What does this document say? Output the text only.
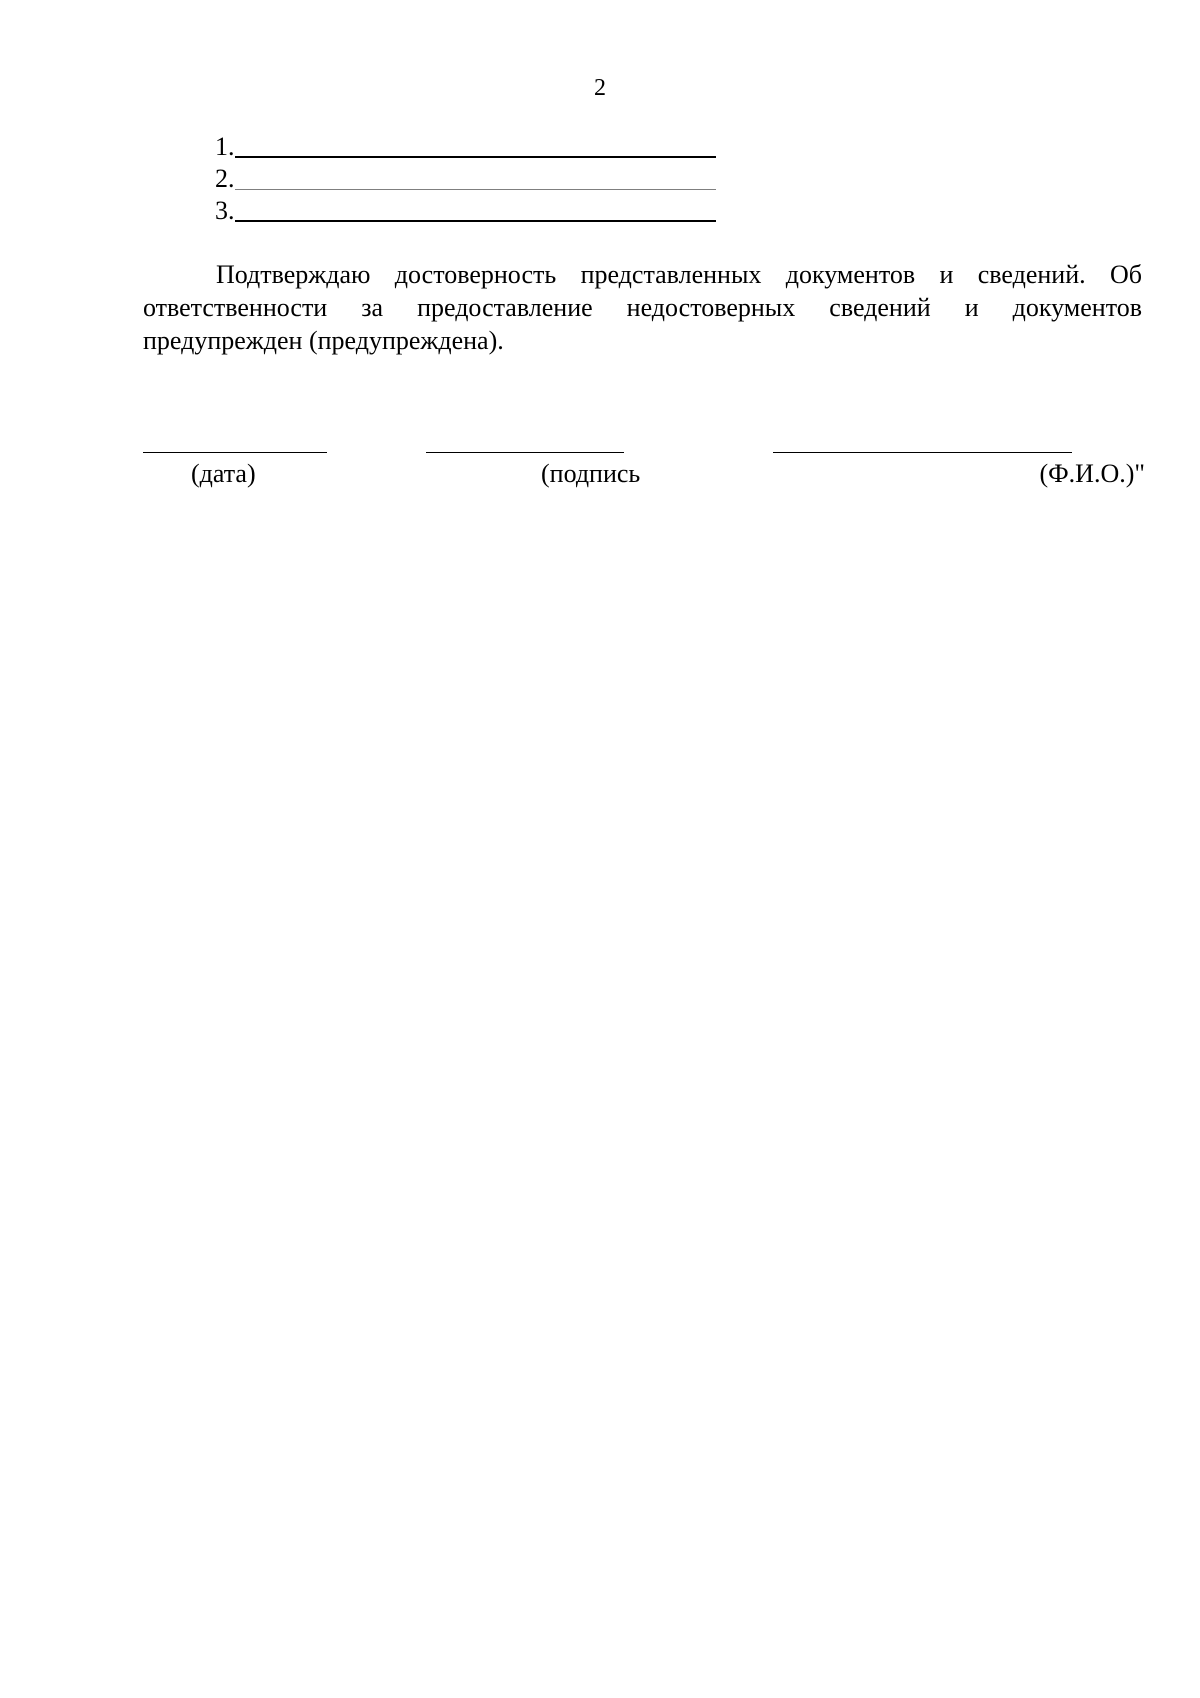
2
1.
2.
3.

Подтверждаю достоверность представленных документов и сведений. Об ответственности за предоставление недостоверных сведений и документов предупрежден (предупреждена).

(дата)	(подпись	(Ф.И.О.)"
